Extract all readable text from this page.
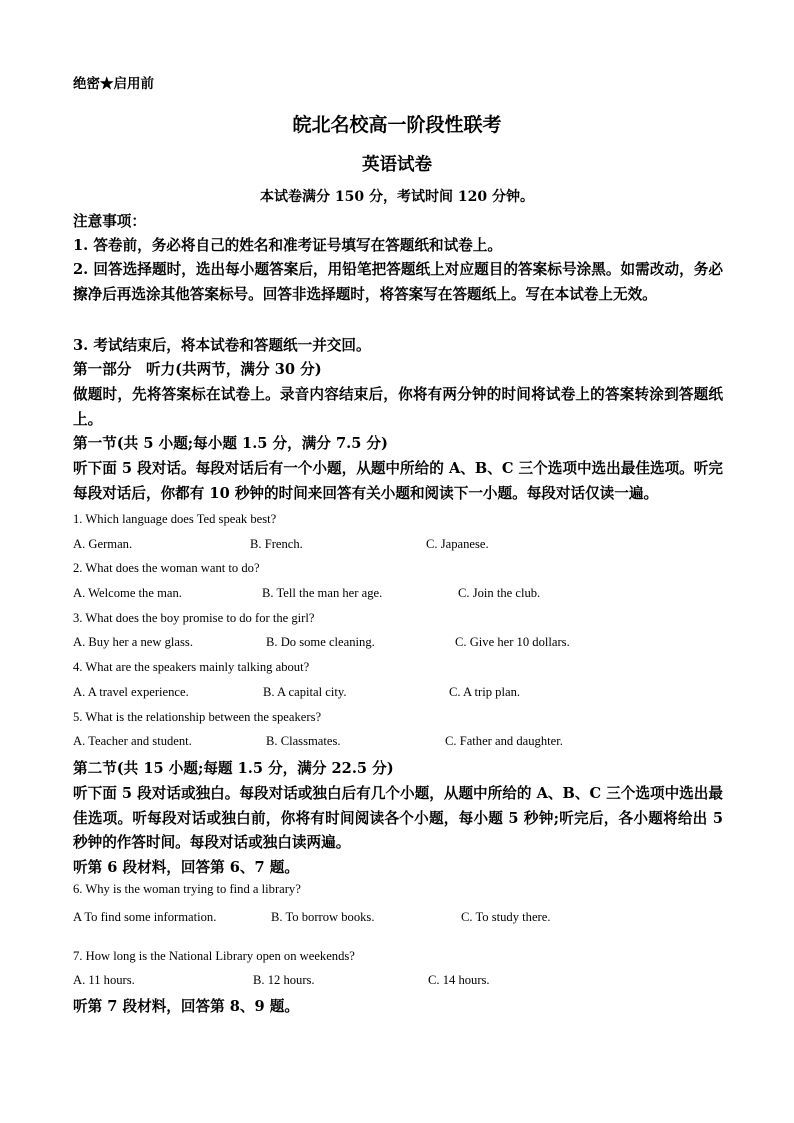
绝密★启用前
皖北名校高一阶段性联考
英语试卷
本试卷满分 150 分，考试时间 120 分钟。
注意事项：
1. 答卷前，务必将自己的姓名和准考证号填写在答题纸和试卷上。
2. 回答选择题时，选出每小题答案后，用铅笔把答题纸上对应题目的答案标号涂黑。如需改动，务必擦净后再选涂其他答案标号。回答非选择题时，将答案写在答题纸上。写在本试卷上无效。
3. 考试结束后，将本试卷和答题纸一并交回。
第一部分　听力(共两节，满分 30 分)
做题时，先将答案标在试卷上。录音内容结束后，你将有两分钟的时间将试卷上的答案转涂到答题纸上。
第一节(共 5 小题;每小题 1.5 分，满分 7.5 分)
听下面 5 段对话。每段对话后有一个小题，从题中所给的 A、B、C 三个选项中选出最佳选项。听完每段对话后，你都有 10 秒钟的时间来回答有关小题和阅读下一小题。每段对话仅读一遍。
1. Which language does Ted speak best?
A. German.	B. French.	C. Japanese.
2. What does the woman want to do?
A. Welcome the man.	B. Tell the man her age.	C. Join the club.
3. What does the boy promise to do for the girl?
A. Buy her a new glass.	B. Do some cleaning.	C. Give her 10 dollars.
4. What are the speakers mainly talking about?
A. A travel experience.	B. A capital city.	C. A trip plan.
5. What is the relationship between the speakers?
A. Teacher and student.	B. Classmates.	C. Father and daughter.
第二节(共 15 小题;每题 1.5 分，满分 22.5 分)
听下面 5 段对话或独白。每段对话或独白后有几个小题，从题中所给的 A、B、C 三个选项中选出最佳选项。听每段对话或独白前，你将有时间阅读各个小题，每小题 5 秒钟;听完后，各小题将给出 5 秒钟的作答时间。每段对话或独白读两遍。
听第 6 段材料，回答第 6、7 题。
6. Why is the woman trying to find a library?
A To find some information.	B. To borrow books.	C. To study there.
7. How long is the National Library open on weekends?
A. 11 hours.	B. 12 hours.	C. 14 hours.
听第 7 段材料，回答第 8、9 题。
